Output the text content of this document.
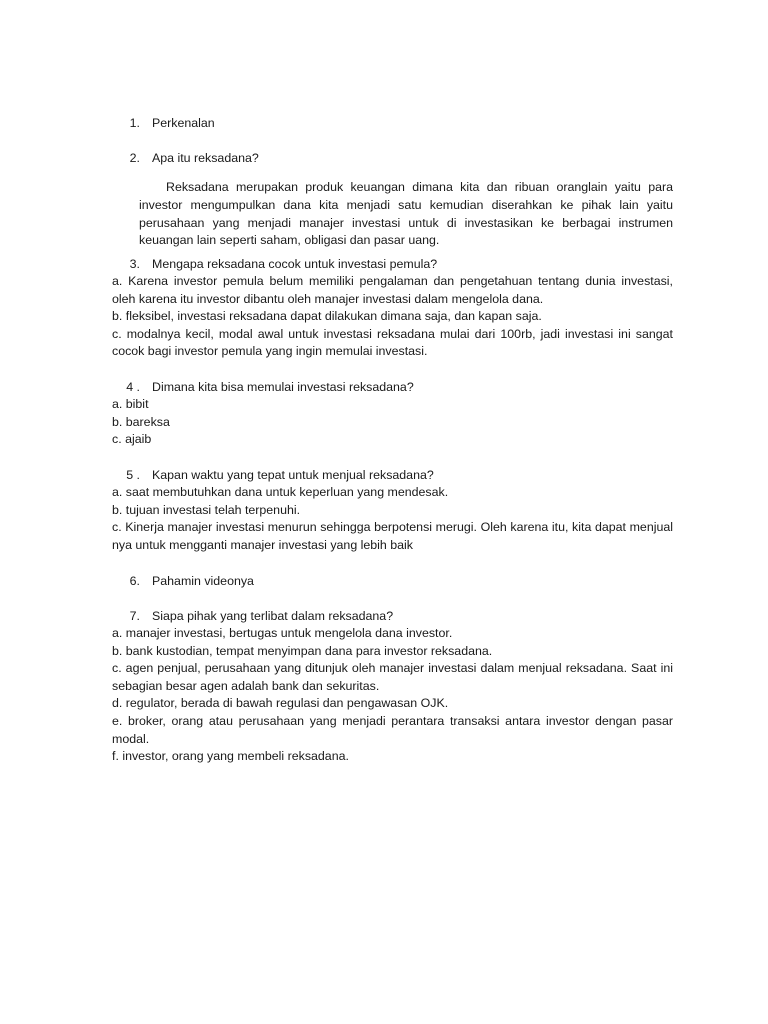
1. Perkenalan
2. Apa itu reksadana?

Reksadana merupakan produk keuangan dimana kita dan ribuan oranglain yaitu para investor mengumpulkan dana kita menjadi satu kemudian diserahkan ke pihak lain yaitu perusahaan yang menjadi manajer investasi untuk di investasikan ke berbagai instrumen keuangan lain seperti saham, obligasi dan pasar uang.

3. Mengapa reksadana cocok untuk investasi pemula?

a. Karena investor pemula belum memiliki pengalaman dan pengetahuan tentang dunia investasi, oleh karena itu investor dibantu oleh manajer investasi dalam mengelola dana.

b. fleksibel, investasi reksadana dapat dilakukan dimana saja, dan kapan saja.

c. modalnya kecil, modal awal untuk investasi reksadana mulai dari 100rb, jadi investasi ini sangat cocok bagi investor pemula yang ingin memulai investasi.

4 . Dimana kita bisa memulai investasi reksadana?

a. bibit

b. bareksa

c. ajaib

5 . Kapan waktu yang tepat untuk menjual reksadana?

a. saat membutuhkan dana untuk keperluan yang mendesak.

b. tujuan investasi telah terpenuhi.

c. Kinerja manajer investasi menurun sehingga berpotensi merugi. Oleh karena itu, kita dapat menjual nya untuk mengganti manajer investasi yang lebih baik

6. Pahamin videonya
7. Siapa pihak yang terlibat dalam reksadana?

a. manajer investasi, bertugas untuk mengelola dana investor.

b. bank kustodian, tempat menyimpan dana para investor reksadana.

c. agen penjual, perusahaan yang ditunjuk oleh manajer investasi dalam menjual reksadana. Saat ini sebagian besar agen adalah bank dan sekuritas.

d. regulator, berada di bawah regulasi dan pengawasan OJK.

e. broker, orang atau perusahaan yang menjadi perantara transaksi antara investor dengan pasar modal.

f. investor, orang yang membeli reksadana.
